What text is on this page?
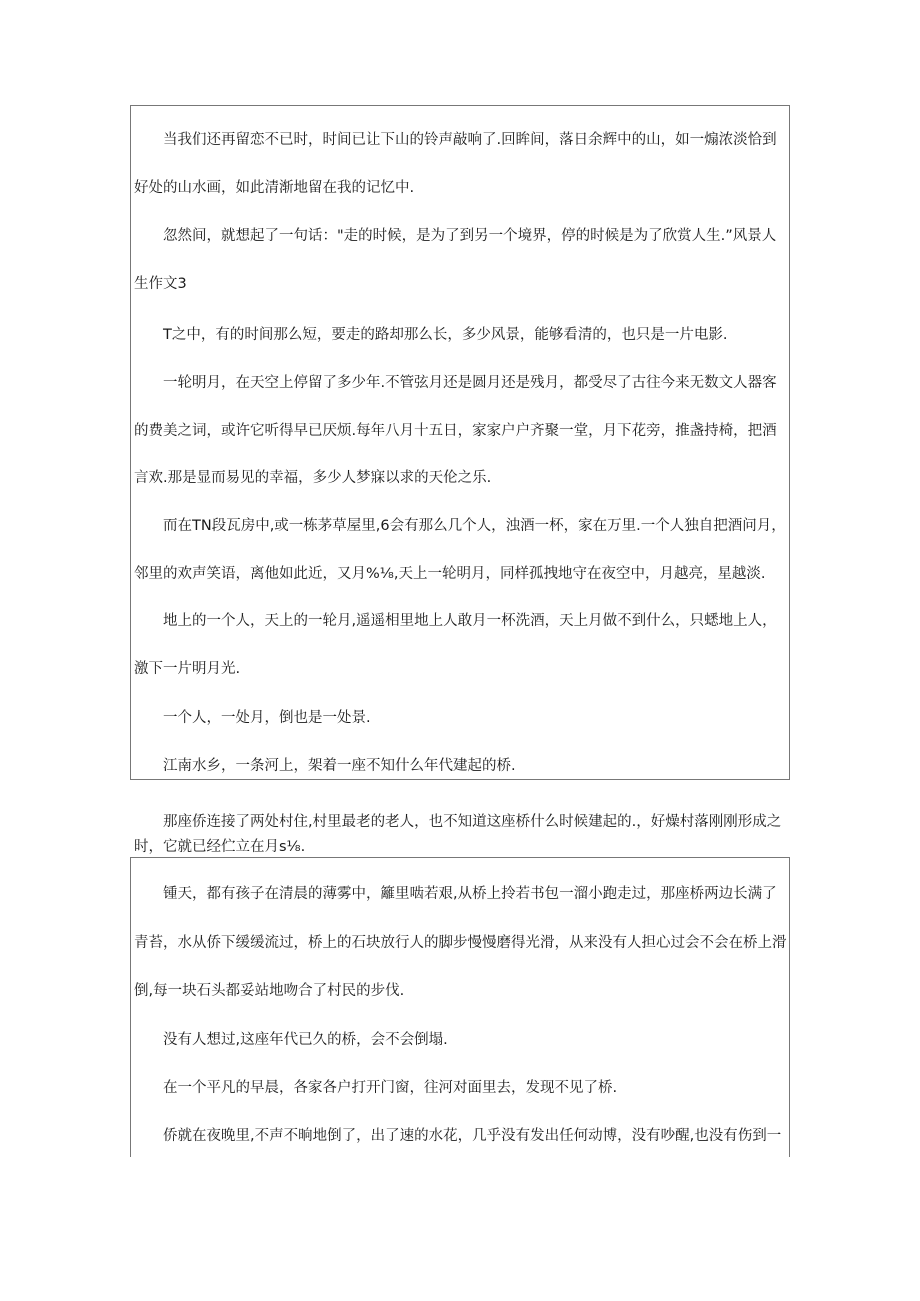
当我们还再留恋不已时，时间已让下山的铃声敲响了.回眸间，落日余辉中的山，如一煽浓淡恰到
好处的山水画，如此清渐地留在我的记忆中.
忽然间，就想起了一句话："走的时候，是为了到另一个境界，停的时候是为了欣赏人生.”风景人
生作文3
T之中，有的时间那么短，要走的路却那么长，多少风景，能够看清的，也只是一片电影.
一轮明月，在天空上停留了多少年.不管弦月还是圆月还是残月，都受尽了古往今来无数文人器客
的费美之词，或许它听得早已厌烦.每年八月十五日，家家户户齐聚一堂，月下花旁，推盏持椅，把酒
言欢.那是显而易见的幸福，多少人梦寐以求的天伦之乐.
而在TN段瓦房中,或一栋茅草屋里,6会有那么几个人，浊酒一杯，家在万里.一个人独自把酒问月，
邻里的欢声笑语，离他如此近，又月%⅛,天上一轮明月，同样孤拽地守在夜空中，月越亮，星越淡.
地上的一个人，天上的一轮月,遥遥相里地上人敢月一杯洗酒，天上月做不到什么，只蟋地上人，
激下一片明月光.
一个人，一处月，倒也是一处景.
江南水乡，一条河上，架着一座不知什么年代建起的桥.
那座侨连接了两处村住,村里最老的老人，也不知道这座桥什么时候建起的.，好燥村落刚刚形成之
时，它就已经伫立在月s⅛.
锺天，都有孩子在清晨的薄雾中，籬里啮若艰,从桥上拎若书包一溜小跑走过，那座桥两边长满了
青苔，水从侨下缓缓流过，桥上的石块放行人的脚步慢慢磨得光滑，从来没有人担心过会不会在桥上滑
倒,每一块石头都妥站地吻合了村民的步伐.
没有人想过,这座年代已久的桥，会不会倒塌.
在一个平凡的早晨，各家各户打开门窗，往河对面里去，发现不见了桥.
侨就在夜晚里,不声不晌地倒了，出了速的水花，几乎没有发出任何动博，没有吵醒,也没有伤到一
